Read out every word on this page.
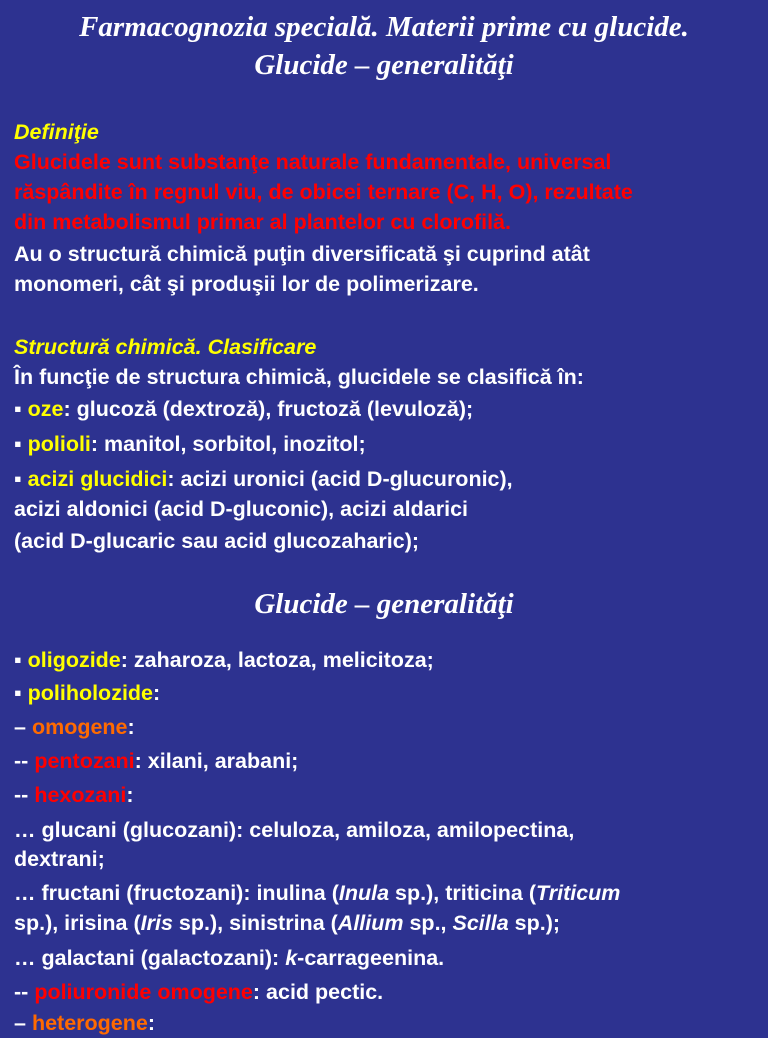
Farmacognozia specială. Materii prime cu glucide.
Glucide – generalităţi

Definiţie

Glucidele sunt substanţe naturale fundamentale, universal

răspândite în regnul viu, de obicei ternare (C, H, O), rezultate

din metabolismul primar al plantelor cu clorofilă.

Au o structură chimică puţin diversificată şi cuprind atât

monomeri, cât şi produşii lor de polimerizare.

Structură chimică. Clasificare

În funcţie de structura chimică, glucidele se clasifică în:

▪ oze: glucoză (dextroză), fructoză (levuloză);

▪ polioli: manitol, sorbitol, inozitol;

▪ acizi glucidici: acizi uronici (acid D-glucuronic),

acizi aldonici (acid D-gluconic), acizi aldarici

(acid D-glucaric sau acid glucozaharic);

Glucide – generalităţi

▪ oligozide: zaharoza, lactoza, melicitoza;

▪ poliholozide:

– omogene:

-- pentozani: xilani, arabani;

-- hexozani:

… glucani (glucozani): celuloza, amiloza, amilopectina,

dextrani;

… fructani (fructozani): inulina (Inula sp.), triticina (Triticum

sp.), irisina (Iris sp.), sinistrina (Allium sp., Scilla sp.);

… galactani (galactozani): k-carrageenina.

-- poliuronide omogene: acid pectic.

– heterogene:
